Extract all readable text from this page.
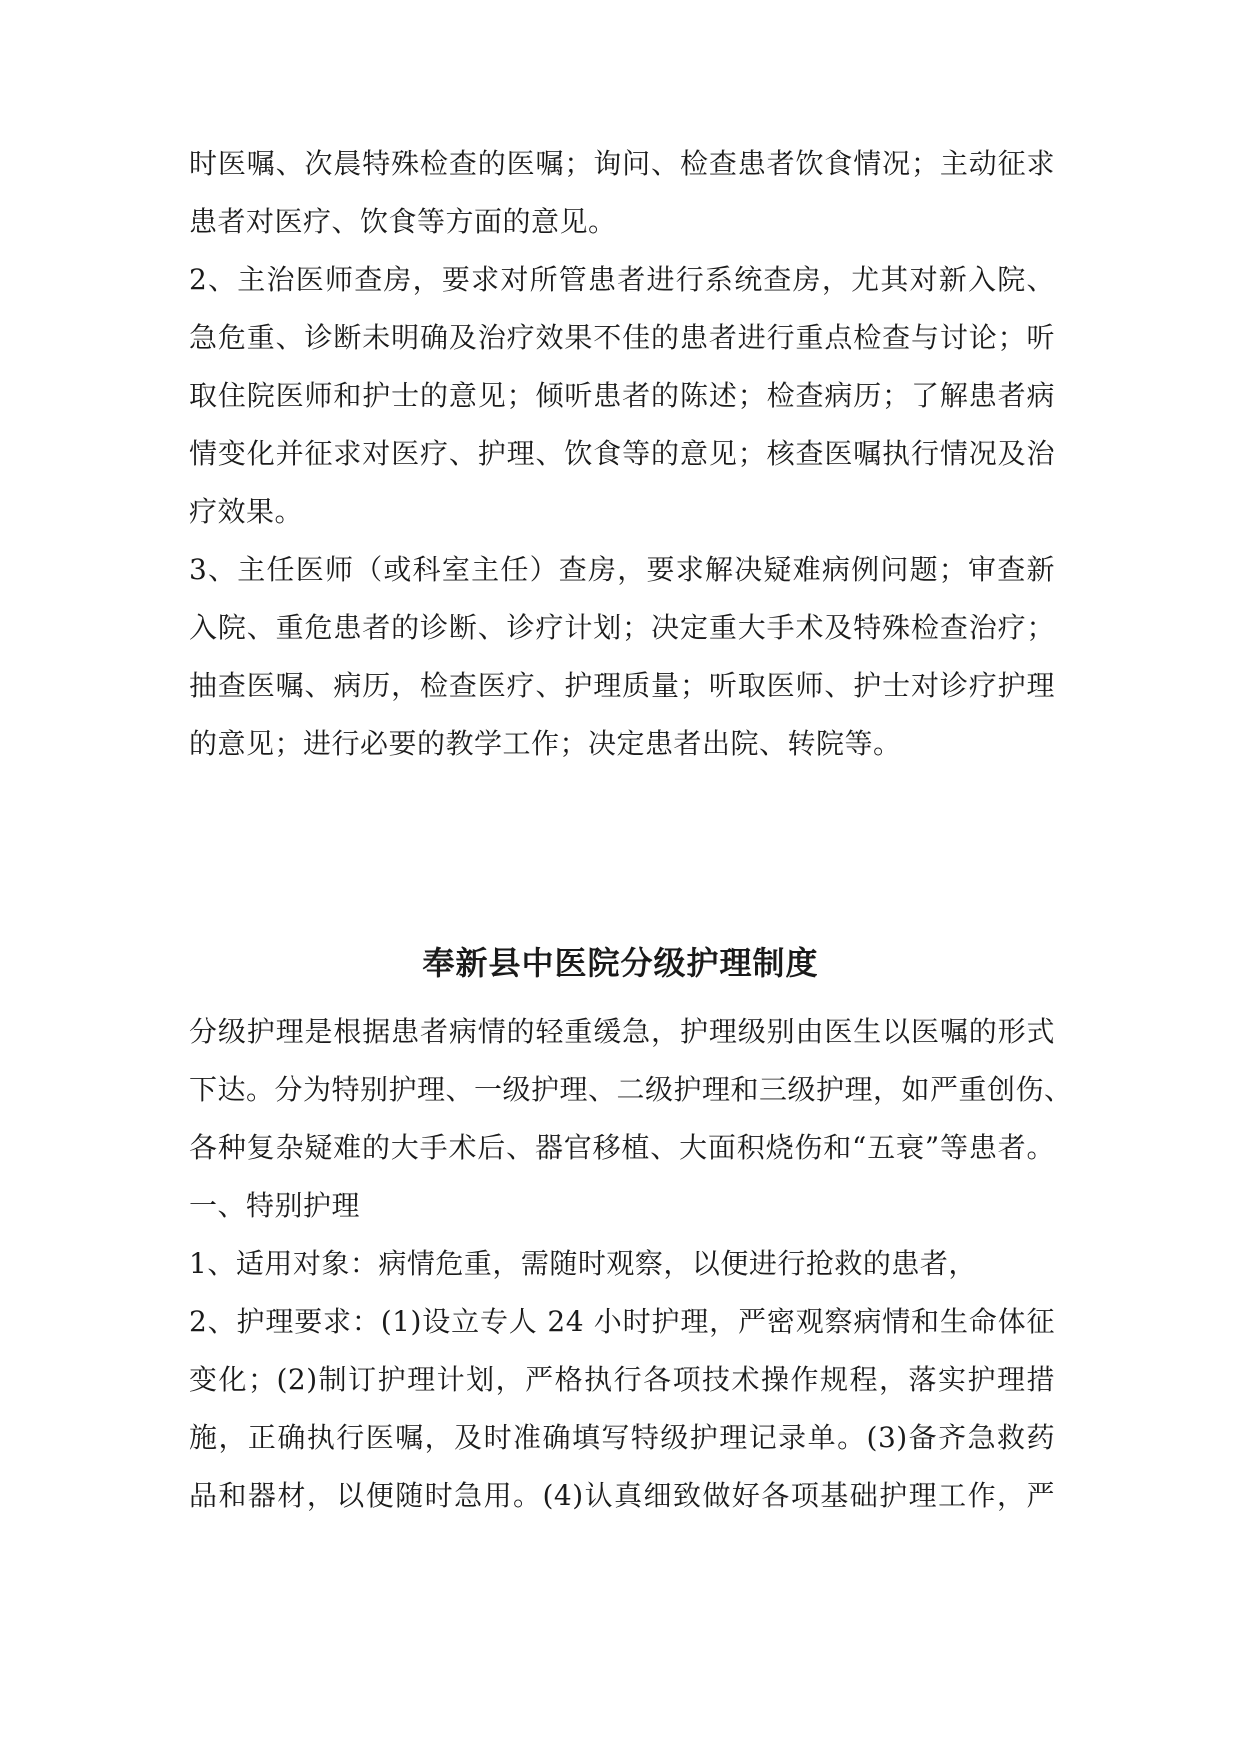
时医嘱、次晨特殊检查的医嘱；询问、检查患者饮食情况；主动征求
患者对医疗、饮食等方面的意见。
2、主治医师查房，要求对所管患者进行系统查房，尤其对新入院、
急危重、诊断未明确及治疗效果不佳的患者进行重点检查与讨论；听
取住院医师和护士的意见；倾听患者的陈述；检查病历；了解患者病
情变化并征求对医疗、护理、饮食等的意见；核查医嘱执行情况及治
疗效果。
3、主任医师（或科室主任）查房，要求解决疑难病例问题；审查新
入院、重危患者的诊断、诊疗计划；决定重大手术及特殊检查治疗；
抽查医嘱、病历，检查医疗、护理质量；听取医师、护士对诊疗护理
的意见；进行必要的教学工作；决定患者出院、转院等。
奉新县中医院分级护理制度
分级护理是根据患者病情的轻重缓急，护理级别由医生以医嘱的形式
下达。分为特别护理、一级护理、二级护理和三级护理，如严重创伤、
各种复杂疑难的大手术后、器官移植、大面积烧伤和“五衰”等患者。
一、特别护理
1、适用对象：病情危重，需随时观察，以便进行抢救的患者，
2、护理要求：(1)设立专人 24 小时护理，严密观察病情和生命体征
变化；(2)制订护理计划，严格执行各项技术操作规程，落实护理措
施，正确执行医嘱，及时准确填写特级护理记录单。(3)备齐急救药
品和器材，以便随时急用。(4)认真细致做好各项基础护理工作，严
